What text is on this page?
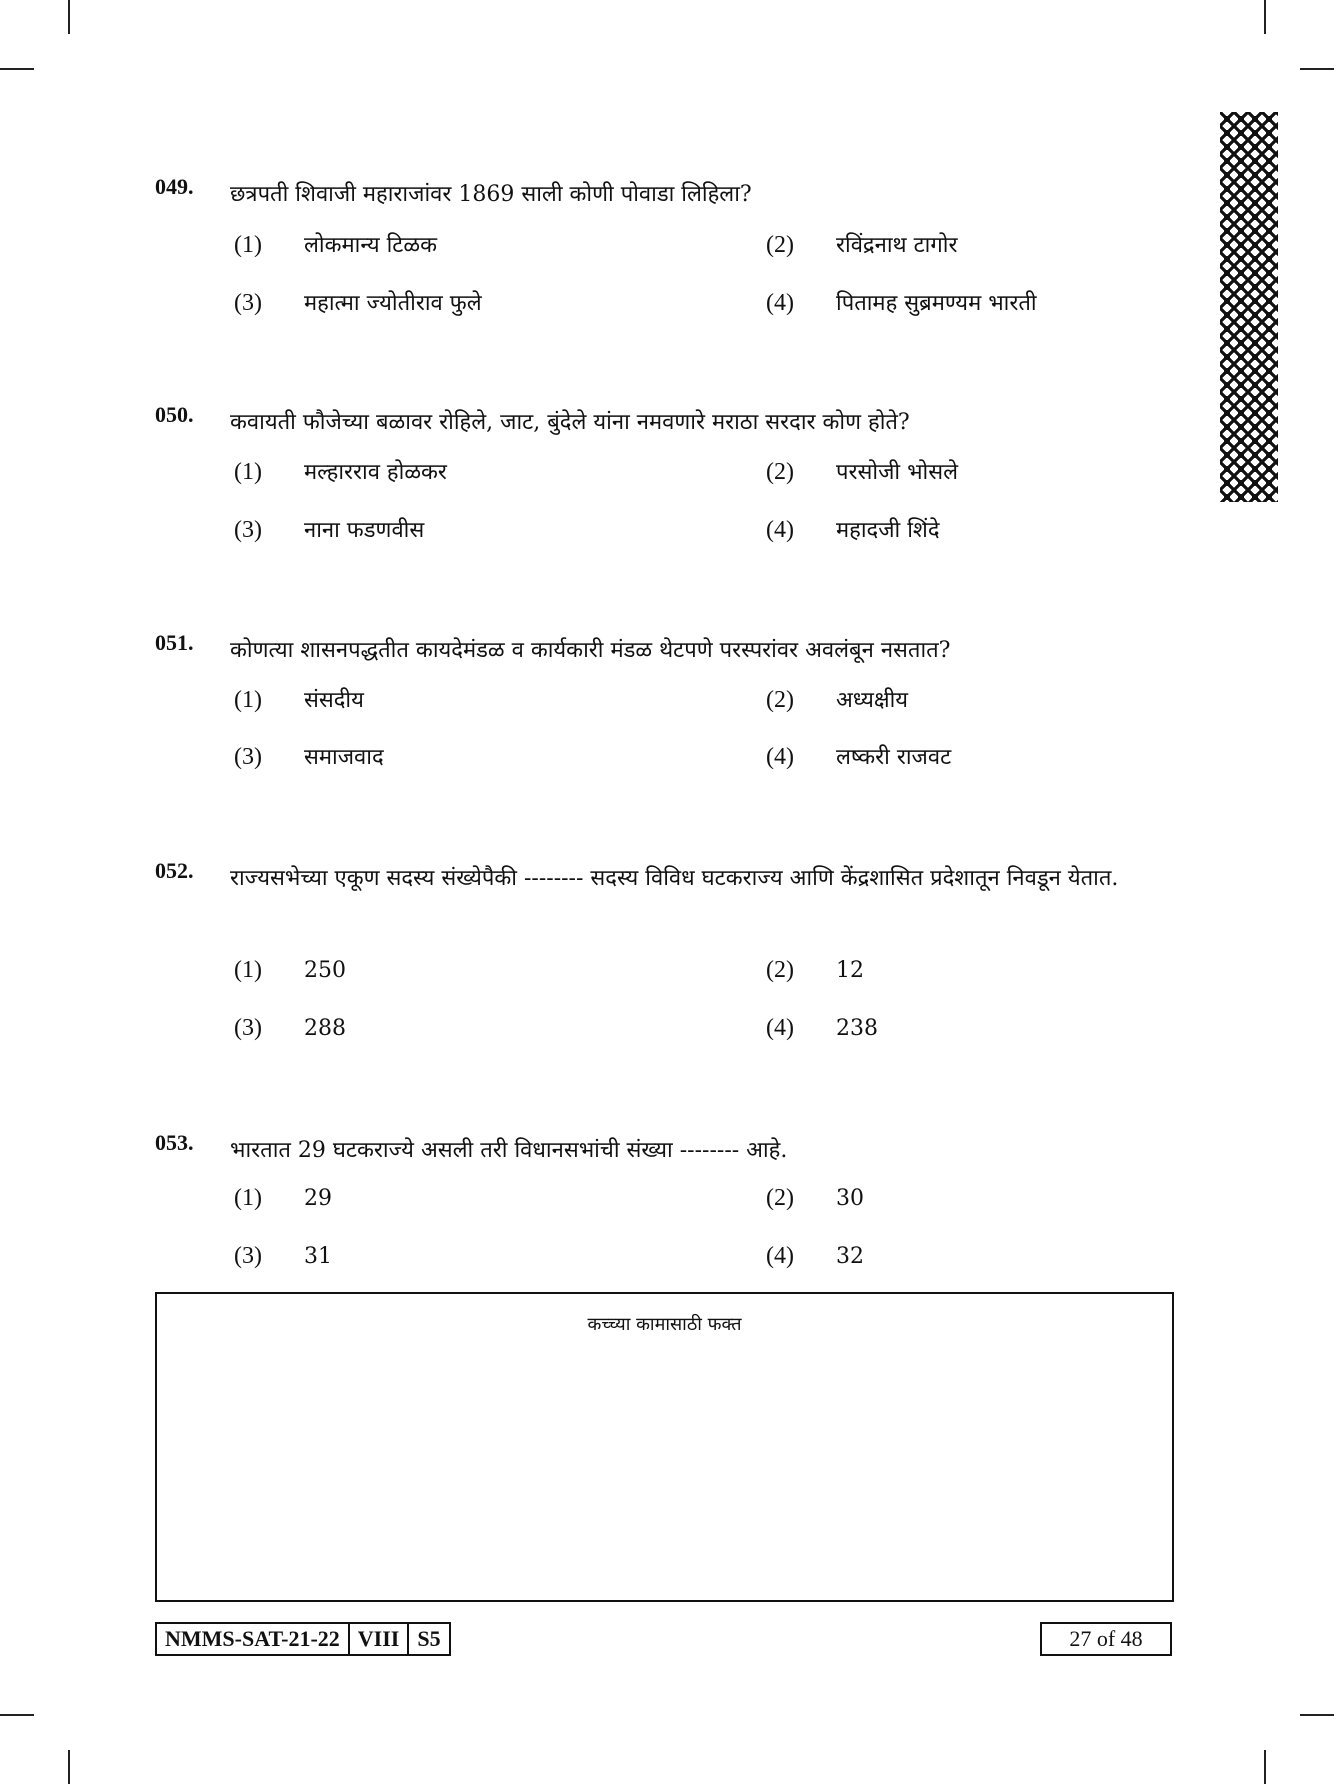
049. छत्रपती शिवाजी महाराजांवर 1869 साली कोणी पोवाडा लिहिला?
(1) लोकमान्य टिळक	(2) रविंद्रनाथ टागोर
(3) महात्मा ज्योतीराव फुले	(4) पितामह सुब्रमण्यम भारती
050. कवायती फौजेच्या बळावर रोहिले, जाट, बुंदेले यांना नमवणारे मराठा सरदार कोण होते?
(1) मल्हारराव होळकर	(2) परसोजी भोसले
(3) नाना फडणवीस	(4) महादजी शिंदे
051. कोणत्या शासनपद्धतीत कायदेमंडळ व कार्यकारी मंडळ थेटपणे परस्परांवर अवलंबून नसतात?
(1) संसदीय	(2) अध्यक्षीय
(3) समाजवाद	(4) लष्करी राजवट
052. राज्यसभेच्या एकूण सदस्य संख्येपैकी -------- सदस्य विविध घटकराज्य आणि केंद्रशासित प्रदेशातून निवडून येतात.
(1) 250	(2) 12
(3) 288	(4) 238
053. भारतात 29 घटकराज्ये असली तरी विधानसभांची संख्या -------- आहे.
(1) 29	(2) 30
(3) 31	(4) 32
कच्च्या कामासाठी फक्त
NMMS-SAT-21-22 VIII S5	27 of 48
